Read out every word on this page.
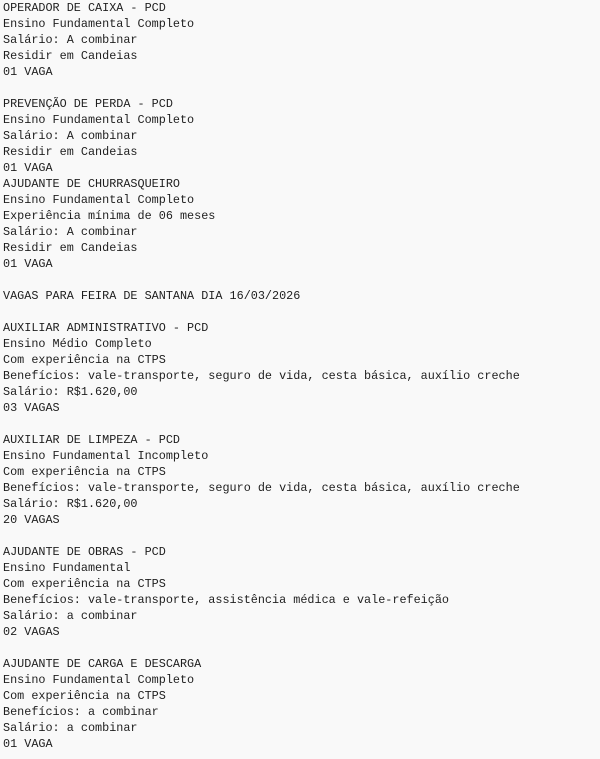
OPERADOR DE CAIXA - PCD
Ensino Fundamental Completo
Salário: A combinar
Residir em Candeias
01 VAGA
PREVENÇÃO DE PERDA - PCD
Ensino Fundamental Completo
Salário: A combinar
Residir em Candeias
01 VAGA
AJUDANTE DE CHURRASQUEIRO
Ensino Fundamental Completo
Experiência mínima de 06 meses
Salário: A combinar
Residir em Candeias
01 VAGA
VAGAS PARA FEIRA DE SANTANA DIA 16/03/2026
AUXILIAR ADMINISTRATIVO - PCD
Ensino Médio Completo
Com experiência na CTPS
Benefícios: vale-transporte, seguro de vida, cesta básica, auxílio creche
Salário: R$1.620,00
03 VAGAS
AUXILIAR DE LIMPEZA - PCD
Ensino Fundamental Incompleto
Com experiência na CTPS
Benefícios: vale-transporte, seguro de vida, cesta básica, auxílio creche
Salário: R$1.620,00
20 VAGAS
AJUDANTE DE OBRAS - PCD
Ensino Fundamental
Com experiência na CTPS
Benefícios: vale-transporte, assistência médica e vale-refeição
Salário: a combinar
02 VAGAS
AJUDANTE DE CARGA E DESCARGA
Ensino Fundamental Completo
Com experiência na CTPS
Benefícios: a combinar
Salário: a combinar
01 VAGA
